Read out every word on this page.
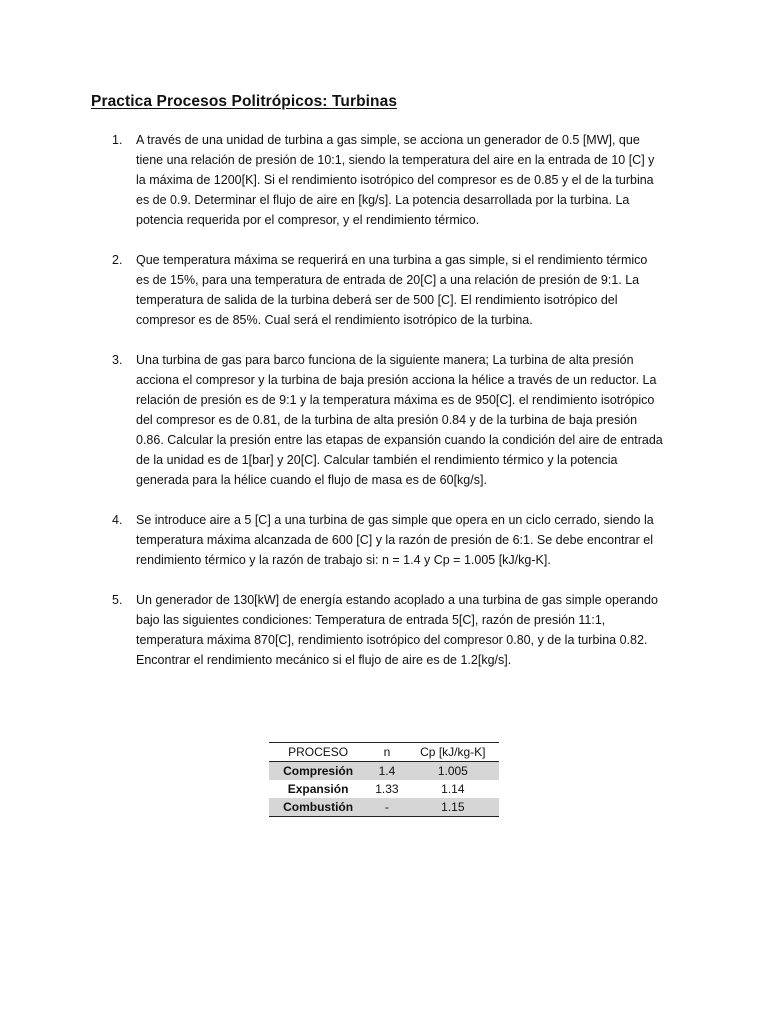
Practica Procesos Politrópicos: Turbinas
1. A través de una unidad de turbina a gas simple, se acciona un generador de 0.5 [MW], que tiene una relación de presión de 10:1, siendo la temperatura del aire en la entrada de 10 [C] y la máxima de 1200[K]. Si el rendimiento isotrópico del compresor es de 0.85 y el de la turbina es de 0.9. Determinar el flujo de aire en [kg/s]. La potencia desarrollada por la turbina. La potencia requerida por el compresor, y el rendimiento térmico.
2. Que temperatura máxima se requerirá en una turbina a gas simple, si el rendimiento térmico es de 15%, para una temperatura de entrada de 20[C] a una relación de presión de 9:1. La temperatura de salida de la turbina deberá ser de 500 [C]. El rendimiento isotrópico del compresor es de 85%. Cual será el rendimiento isotrópico de la turbina.
3. Una turbina de gas para barco funciona de la siguiente manera; La turbina de alta presión acciona el compresor y la turbina de baja presión acciona la hélice a través de un reductor. La relación de presión es de 9:1 y la temperatura máxima es de 950[C]. el rendimiento isotrópico del compresor es de 0.81, de la turbina de alta presión 0.84 y de la turbina de baja presión 0.86. Calcular la presión entre las etapas de expansión cuando la condición del aire de entrada de la unidad es de 1[bar] y 20[C]. Calcular también el rendimiento térmico y la potencia generada para la hélice cuando el flujo de masa es de 60[kg/s].
4. Se introduce aire a 5 [C] a una turbina de gas simple que opera en un ciclo cerrado, siendo la temperatura máxima alcanzada de 600 [C] y la razón de presión de 6:1. Se debe encontrar el rendimiento térmico y la razón de trabajo si: n = 1.4 y Cp = 1.005 [kJ/kg-K].
5. Un generador de 130[kW] de energía estando acoplado a una turbina de gas simple operando bajo las siguientes condiciones: Temperatura de entrada 5[C], razón de presión 11:1, temperatura máxima 870[C], rendimiento isotrópico del compresor 0.80, y de la turbina 0.82. Encontrar el rendimiento mecánico si el flujo de aire es de 1.2[kg/s].
PROCESO	n	Cp [kJ/kg-K]
Compresión	1.4	1.005
Expansión	1.33	1.14
Combustión	-	1.15
